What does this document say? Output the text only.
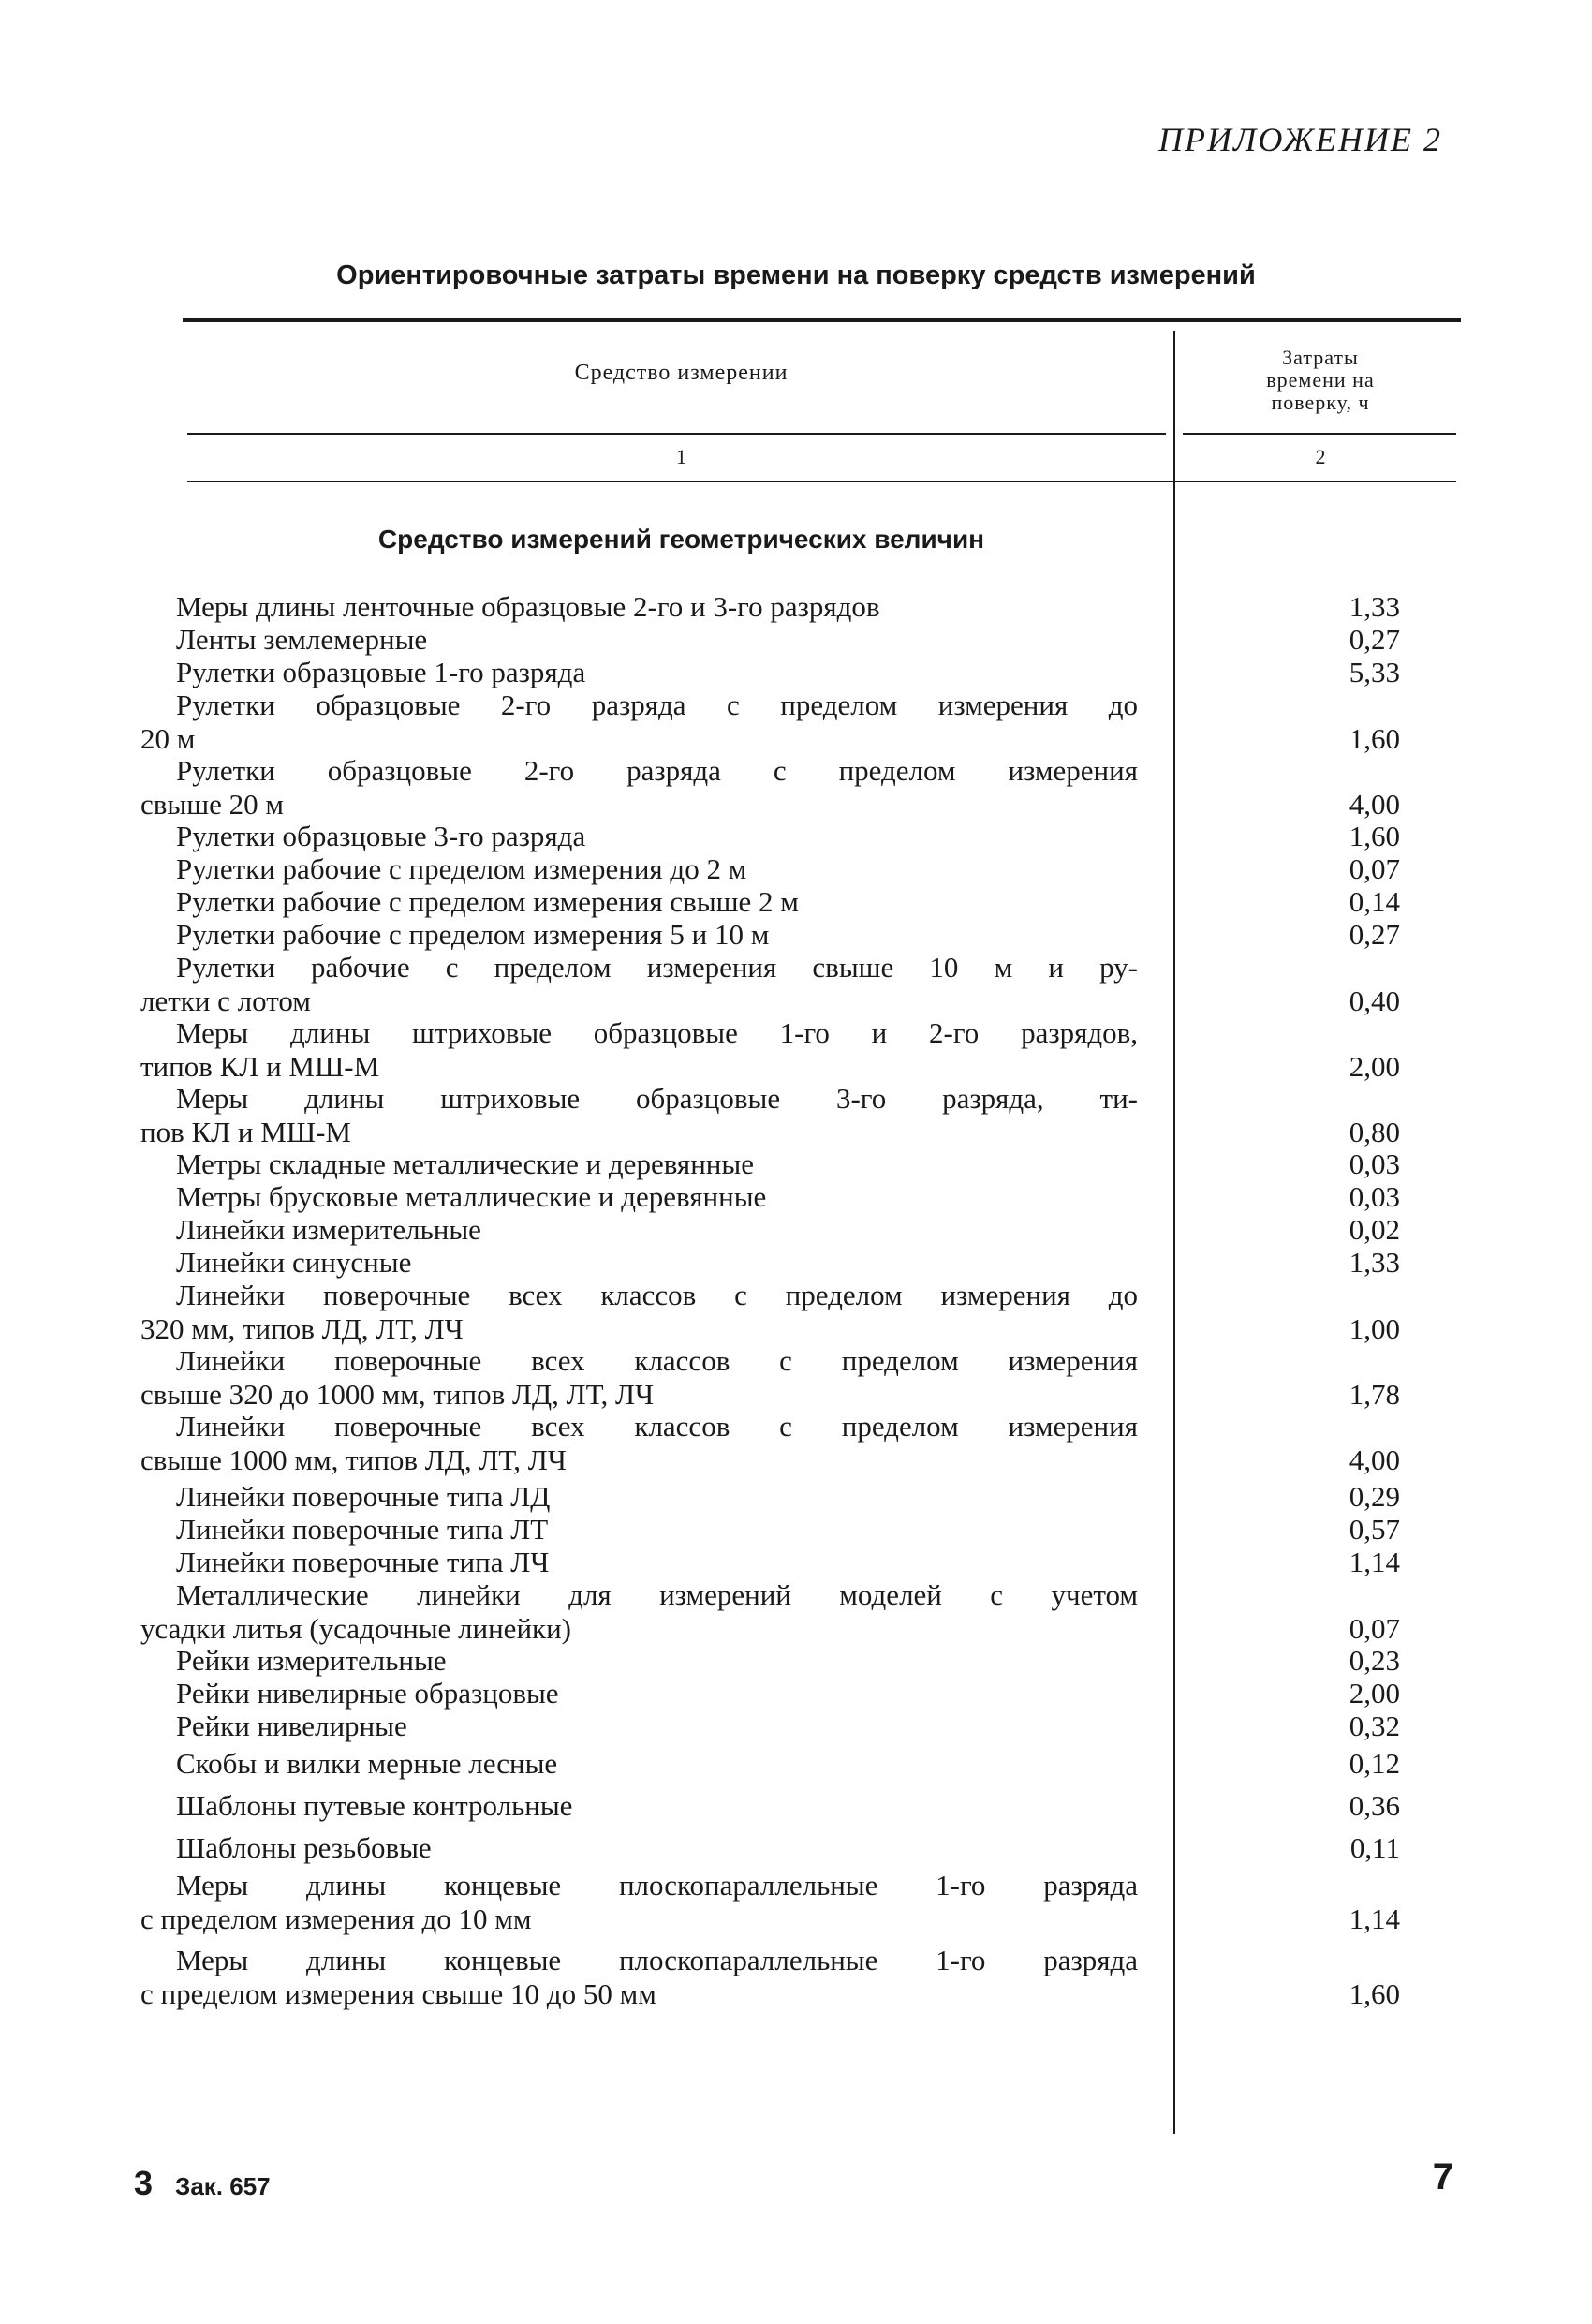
ПРИЛОЖЕНИЕ 2
Ориентировочные затраты времени на поверку средств измерений
Средство измерении
Затраты
времени на
поверку, ч
1	2
Средство измерений геометрических величин
Меры длины ленточные образцовые 2-го и 3-го разрядов	1,33
Ленты землемерные	0,27
Рулетки образцовые 1-го разряда	5,33
Рулетки образцовые 2-го разряда с пределом измерения до
20 м	1,60
Рулетки образцовые 2-го разряда с пределом измерения
свыше 20 м	4,00
Рулетки образцовые 3-го разряда	1,60
Рулетки рабочие с пределом измерения до 2 м	0,07
Рулетки рабочие с пределом измерения свыше 2 м	0,14
Рулетки рабочие с пределом измерения 5 и 10 м	0,27
Рулетки рабочие с пределом измерения свыше 10 м и ру-
летки с лотом	0,40
Меры длины штриховые образцовые 1-го и 2-го разрядов,
типов КЛ и МШ-М	2,00
Меры длины штриховые образцовые 3-го разряда, ти-
пов КЛ и МШ-М	0,80
Метры складные металлические и деревянные	0,03
Метры брусковые металлические и деревянные	0,03
Линейки измерительные	0,02
Линейки синусные	1,33
Линейки поверочные всех классов с пределом измерения до
320 мм, типов ЛД, ЛТ, ЛЧ	1,00
Линейки поверочные всех классов с пределом измерения
свыше 320 до 1000 мм, типов ЛД, ЛТ, ЛЧ	1,78
Линейки поверочные всех классов с пределом измерения
свыше 1000 мм, типов ЛД, ЛТ, ЛЧ	4,00
Линейки поверочные типа ЛД	0,29
Линейки поверочные типа ЛТ	0,57
Линейки поверочные типа ЛЧ	1,14
Металлические линейки для измерений моделей с учетом
усадки литья (усадочные линейки)	0,07
Рейки измерительные	0,23
Рейки нивелирные образцовые	2,00
Рейки нивелирные	0,32
Скобы и вилки мерные лесные	0,12
Шаблоны путевые контрольные	0,36
Шаблоны резьбовые	0,11
Меры длины концевые плоскопараллельные 1-го разряда
с пределом измерения до 10 мм	1,14
Меры длины концевые плоскопараллельные 1-го разряда
с пределом измерения свыше 10 до 50 мм	1,60
3 Зак. 657	7
